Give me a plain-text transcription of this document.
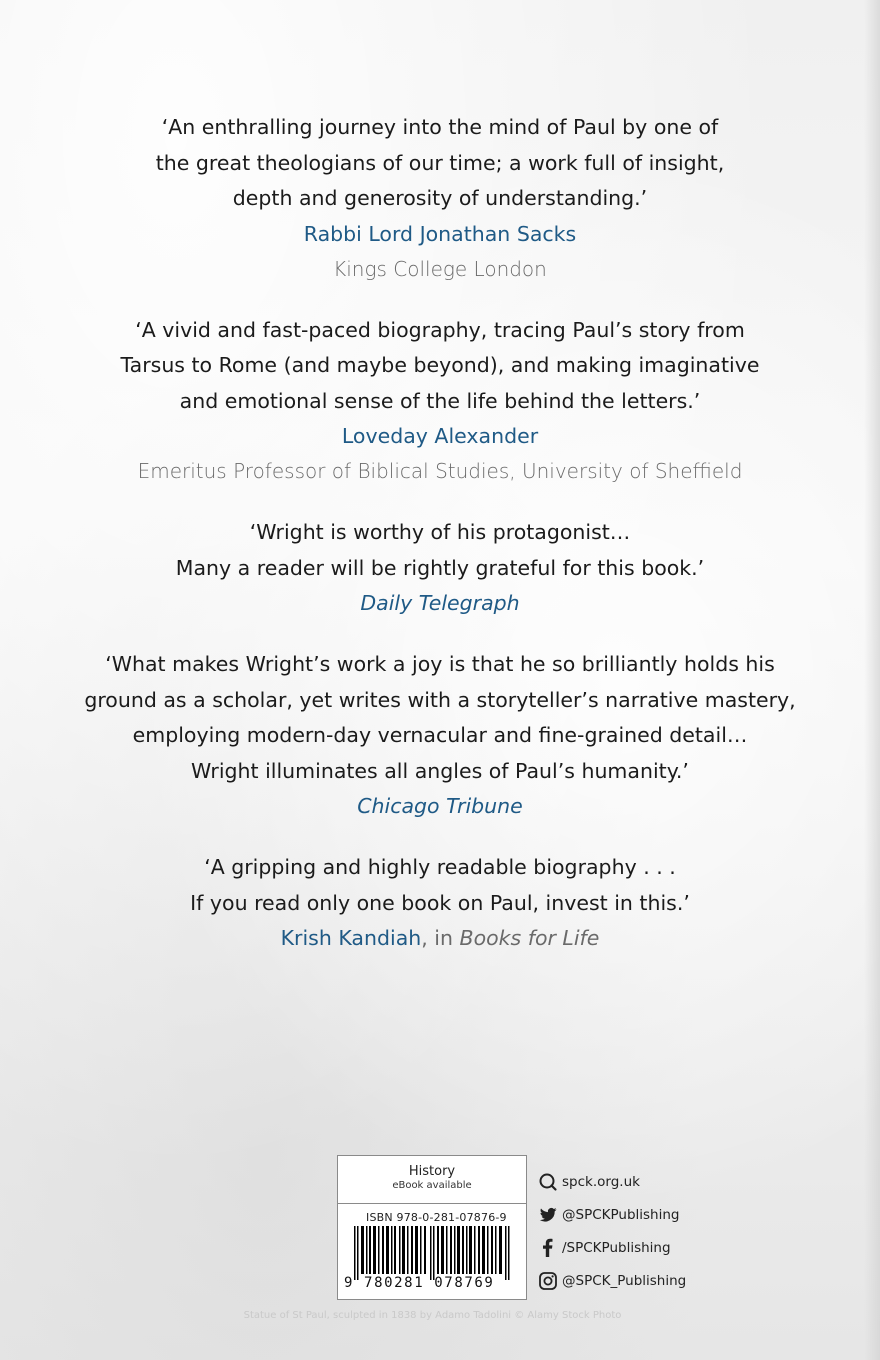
‘An enthralling journey into the mind of Paul by one of
the great theologians of our time; a work full of insight,
depth and generosity of understanding.’
Rabbi Lord Jonathan Sacks
Kings College London
‘A vivid and fast-paced biography, tracing Paul’s story from
Tarsus to Rome (and maybe beyond), and making imaginative
and emotional sense of the life behind the letters.’
Loveday Alexander
Emeritus Professor of Biblical Studies, University of Sheffield
‘Wright is worthy of his protagonist…
Many a reader will be rightly grateful for this book.’
Daily Telegraph
‘What makes Wright’s work a joy is that he so brilliantly holds his
ground as a scholar, yet writes with a storyteller’s narrative mastery,
employing modern-day vernacular and fine-grained detail…
Wright illuminates all angles of Paul’s humanity.’
Chicago Tribune
‘A gripping and highly readable biography . . .
If you read only one book on Paul, invest in this.’
Krish Kandiah, in Books for Life
History
eBook available
ISBN 978-0-281-07876-9
9 780281 078769
spck.org.uk
@SPCKPublishing
/SPCKPublishing
@SPCK_Publishing
Statue of St Paul, sculpted in 1838 by Adamo Tadolini © Alamy Stock Photo
